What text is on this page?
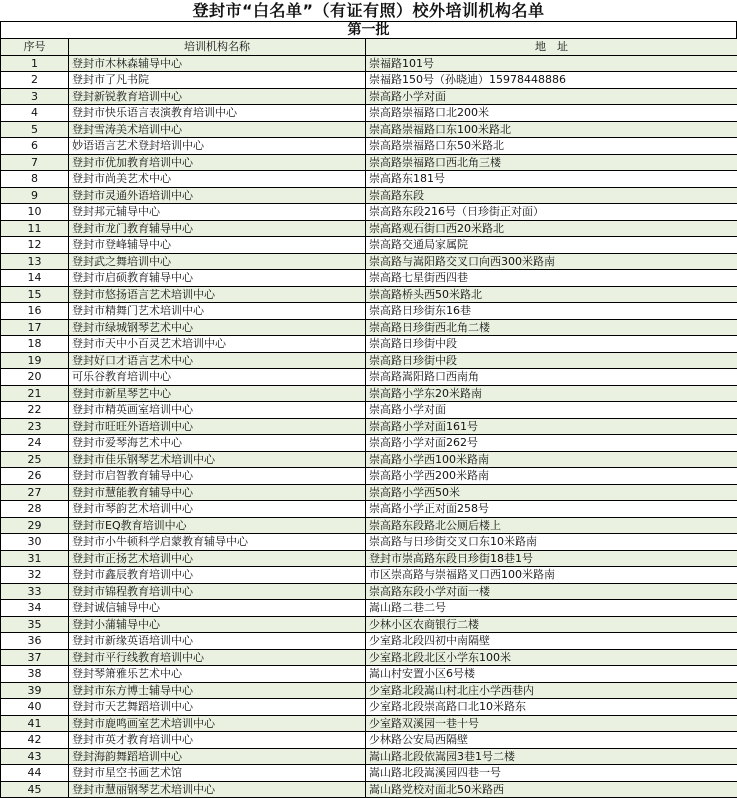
登封市“白名单”（有证有照）校外培训机构名单
第一批
序号	培训机构名称	地　址
1	登封市木林森辅导中心	崇福路101号
2	登封市了凡书院	崇福路150号（孙晓迪）15978448886
3	登封新锐教育培训中心	崇高路小学对面
4	登封市快乐语言表演教育培训中心	崇高路崇福路口北200米
5	登封雪涛美术培训中心	崇高路崇福路口东100米路北
6	妙语语言艺术登封培训中心	崇高路崇福路口东50米路北
7	登封市优加教育培训中心	崇高路崇福路口西北角三楼
8	登封市尚美艺术中心	崇高路东181号
9	登封市灵通外语培训中心	崇高路东段
10	登封邦元辅导中心	崇高路东段216号（日珍街正对面）
11	登封市龙门教育辅导中心	崇高路观石街口西20米路北
12	登封市登峰辅导中心	崇高路交通局家属院
13	登封武之舞培训中心	崇高路与嵩阳路交叉口向西300米路南
14	登封市启硕教育辅导中心	崇高路七星街西四巷
15	登封市悠扬语言艺术培训中心	崇高路桥头西50米路北
16	登封市精舞门艺术培训中心	崇高路日珍街东16巷
17	登封市绿城钢琴艺术中心	崇高路日珍街西北角二楼
18	登封市天中小百灵艺术培训中心	崇高路日珍街中段
19	登封好口才语言艺术中心	崇高路日珍街中段
20	可乐谷教育培训中心	崇高路嵩阳路口西南角
21	登封市新星琴艺中心	崇高路小学东20米路南
22	登封市精英画室培训中心	崇高路小学对面
23	登封市旺旺外语培训中心	崇高路小学对面161号
24	登封市爱琴海艺术中心	崇高路小学对面262号
25	登封市佳乐钢琴艺术培训中心	崇高路小学西100米路南
26	登封市启智教育辅导中心	崇高路小学西200米路南
27	登封市慧能教育辅导中心	崇高路小学西50米
28	登封市琴韵艺术培训中心	崇高路小学正对面258号
29	登封市EQ教育培训中心	崇高路东段路北公厕后楼上
30	登封市小牛顿科学启蒙教育辅导中心	崇高路与日珍街交叉口东10米路南
31	登封市正扬艺术培训中心	登封市崇高路东段日珍街18巷1号
32	登封市鑫辰教育培训中心	市区崇高路与崇福路叉口西100米路南
33	登封市锦程教育培训中心	崇高路东段小学对面一楼
34	登封诚信辅导中心	嵩山路二巷二号
35	登封小蒲辅导中心	少林小区农商银行二楼
36	登封市新缘英语培训中心	少室路北段四初中南隔壁
37	登封市平行线教育培训中心	少室路北段北区小学东100米
38	登封琴箫雅乐艺术中心	嵩山村安置小区6号楼
39	登封市东方博士辅导中心	少室路北段嵩山村北庄小学西巷内
40	登封市天艺舞蹈培训中心	少室路北段崇高路口北10米路东
41	登封市鹿鸣画室艺术培训中心	少室路双溪园一巷十号
42	登封市英才教育培训中心	少林路公安局西隔壁
43	登封海韵舞蹈培训中心	嵩山路北段依嵩园3巷1号二楼
44	登封市星空书画艺术馆	嵩山路北段嵩溪园四巷一号
45	登封市慧丽钢琴艺术培训中心	嵩山路党校对面北50米路西
